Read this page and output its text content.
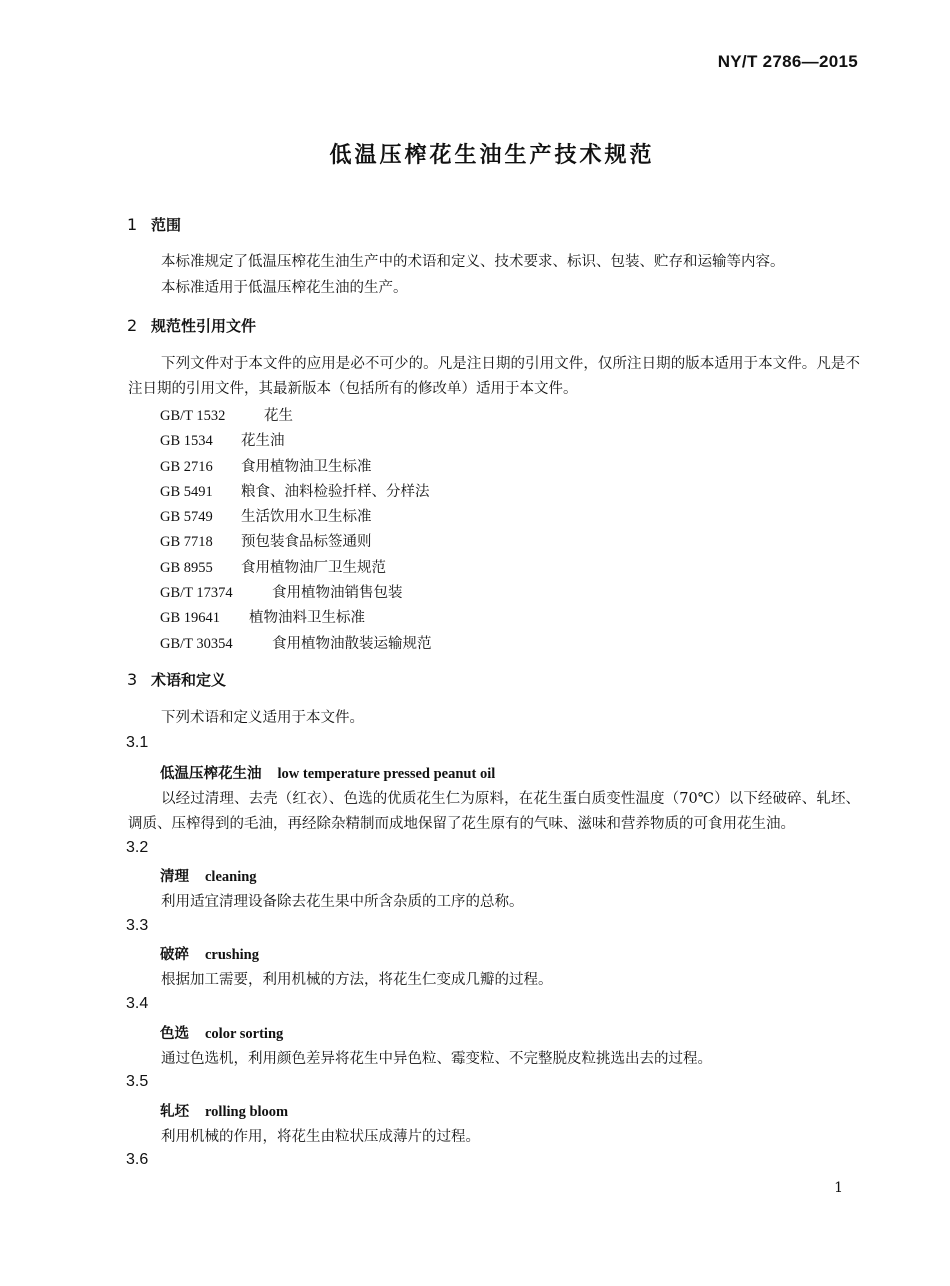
NY/T 2786—2015
低温压榨花生油生产技术规范
1 范围
本标准规定了低温压榨花生油生产中的术语和定义、技术要求、标识、包装、贮存和运输等内容。
本标准适用于低温压榨花生油的生产。
2 规范性引用文件
下列文件对于本文件的应用是必不可少的。凡是注日期的引用文件，仅所注日期的版本适用于本文件。凡是不注日期的引用文件，其最新版本（包括所有的修改单）适用于本文件。
GB/T 1532	花生
GB 1534 花生油
GB 2716 食用植物油卫生标准
GB 5491 粮食、油料检验扦样、分样法
GB 5749 生活饮用水卫生标准
GB 7718 预包装食品标签通则
GB 8955 食用植物油厂卫生规范
GB/T 17374	食用植物油销售包装
GB 19641 植物油料卫生标准
GB/T 30354	食用植物油散装运输规范
3 术语和定义
下列术语和定义适用于本文件。
3.1
低温压榨花生油 low temperature pressed peanut oil
以经过清理、去壳（红衣）、色选的优质花生仁为原料，在花生蛋白质变性温度（70℃）以下经破碎、轧坯、调质、压榨得到的毛油，再经除杂精制而成地保留了花生原有的气味、滋味和营养物质的可食用花生油。
3.2
清理 cleaning
利用适宜清理设备除去花生果中所含杂质的工序的总称。
3.3
破碎 crushing
根据加工需要，利用机械的方法，将花生仁变成几瓣的过程。
3.4
色选 color sorting
通过色选机，利用颜色差异将花生中异色粒、霉变粒、不完整脱皮粒挑选出去的过程。
3.5
轧坯 rolling bloom
利用机械的作用，将花生由粒状压成薄片的过程。
3.6
1
